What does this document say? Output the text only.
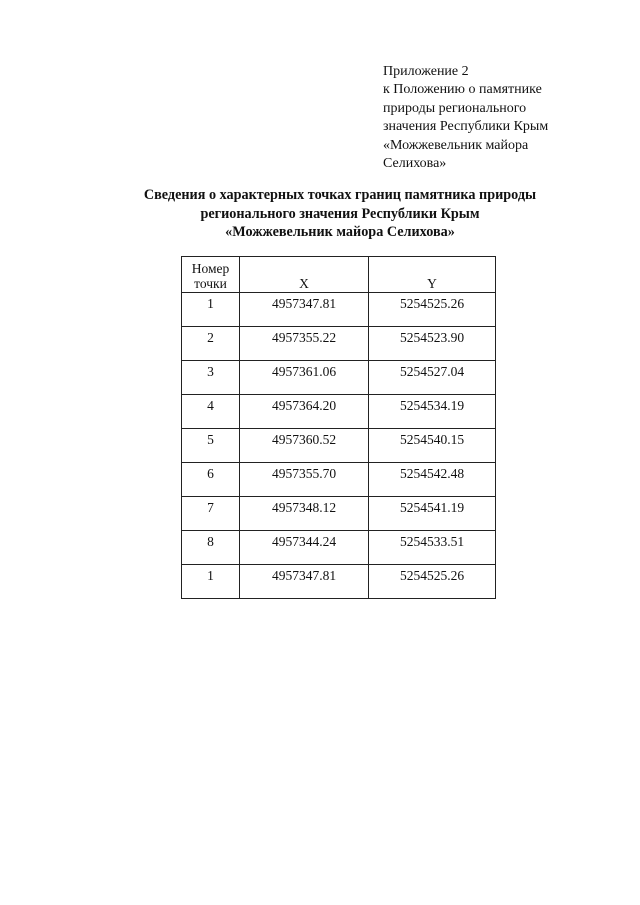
Приложение 2
к Положению о памятнике
природы регионального
значения Республики Крым
«Можжевельник майора
Селихова»
Сведения о характерных точках границ памятника природы
регионального значения Республики Крым
«Можжевельник майора Селихова»
Номер
точки	X	Y
1	4957347.81	5254525.26
2	4957355.22	5254523.90
3	4957361.06	5254527.04
4	4957364.20	5254534.19
5	4957360.52	5254540.15
6	4957355.70	5254542.48
7	4957348.12	5254541.19
8	4957344.24	5254533.51
1	4957347.81	5254525.26
